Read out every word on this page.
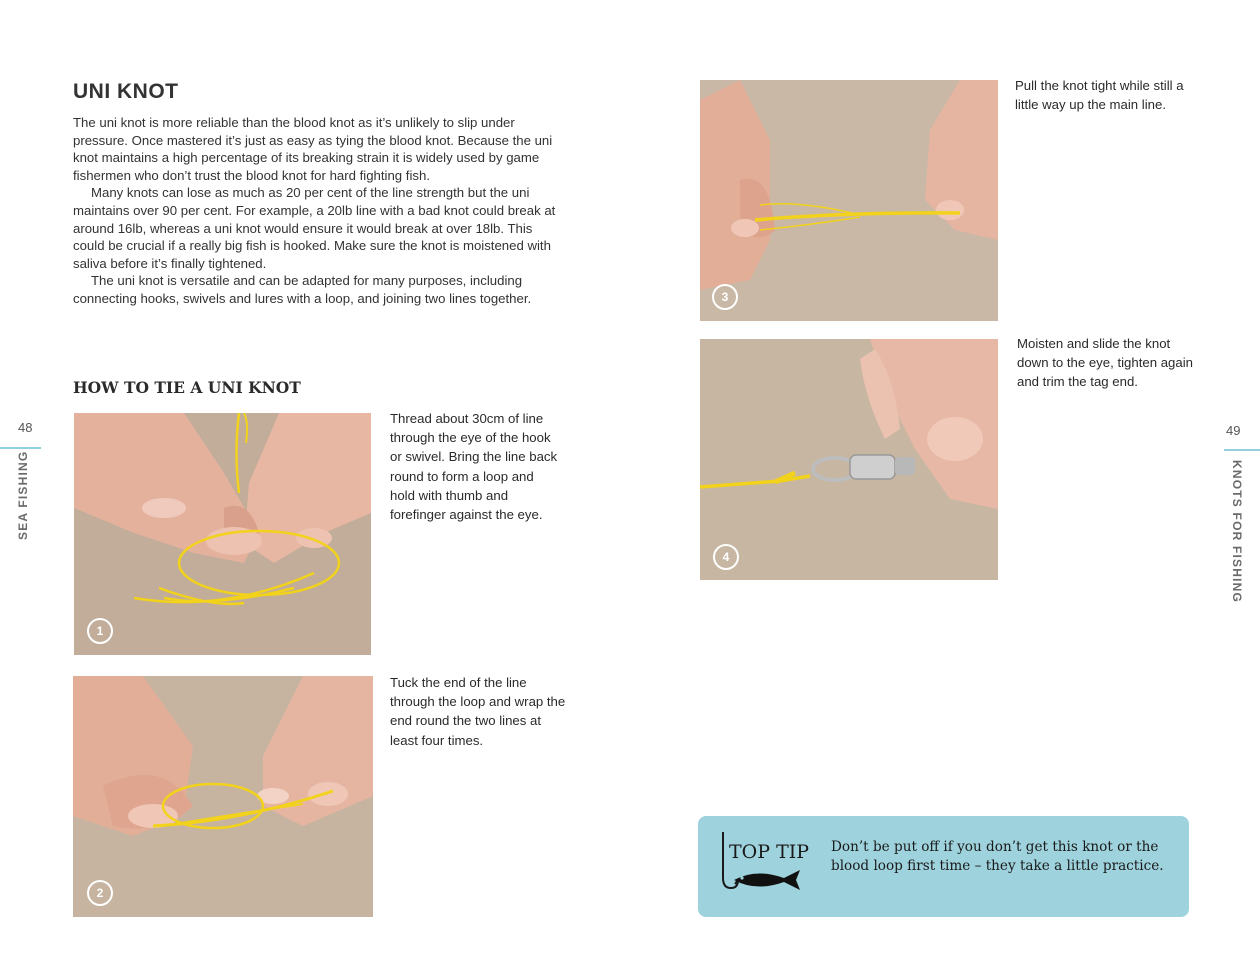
UNI KNOT

The uni knot is more reliable than the blood knot as it’s unlikely to slip under pressure. Once mastered it’s just as easy as tying the blood knot. Because the uni knot maintains a high percentage of its breaking strain it is widely used by game fishermen who don’t trust the blood knot for hard fighting fish.

Many knots can lose as much as 20 per cent of the line strength but the uni maintains over 90 per cent. For example, a 20lb line with a bad knot could break at around 16lb, whereas a uni knot would ensure it would break at over 18lb. This could be crucial if a really big fish is hooked. Make sure the knot is moistened with saliva before it’s finally tightened.

The uni knot is versatile and can be adapted for many purposes, including connecting hooks, swivels and lures with a loop, and joining two lines together.

HOW TO TIE A UNI KNOT
1
Thread about 30cm of line through the eye of the hook or swivel. Bring the line back round to form a loop and hold with thumb and forefinger against the eye.
2
Tuck the end of the line through the loop and wrap the end round the two lines at least four times.
48
SEA FISHING
3
Pull the knot tight while still a little way up the main line.
4
Moisten and slide the knot down to the eye, tighten again and trim the tag end.
49
KNOTS FOR FISHING
TOP TIP Don’t be put off if you don’t get this knot or the blood loop first time – they take a little practice.
